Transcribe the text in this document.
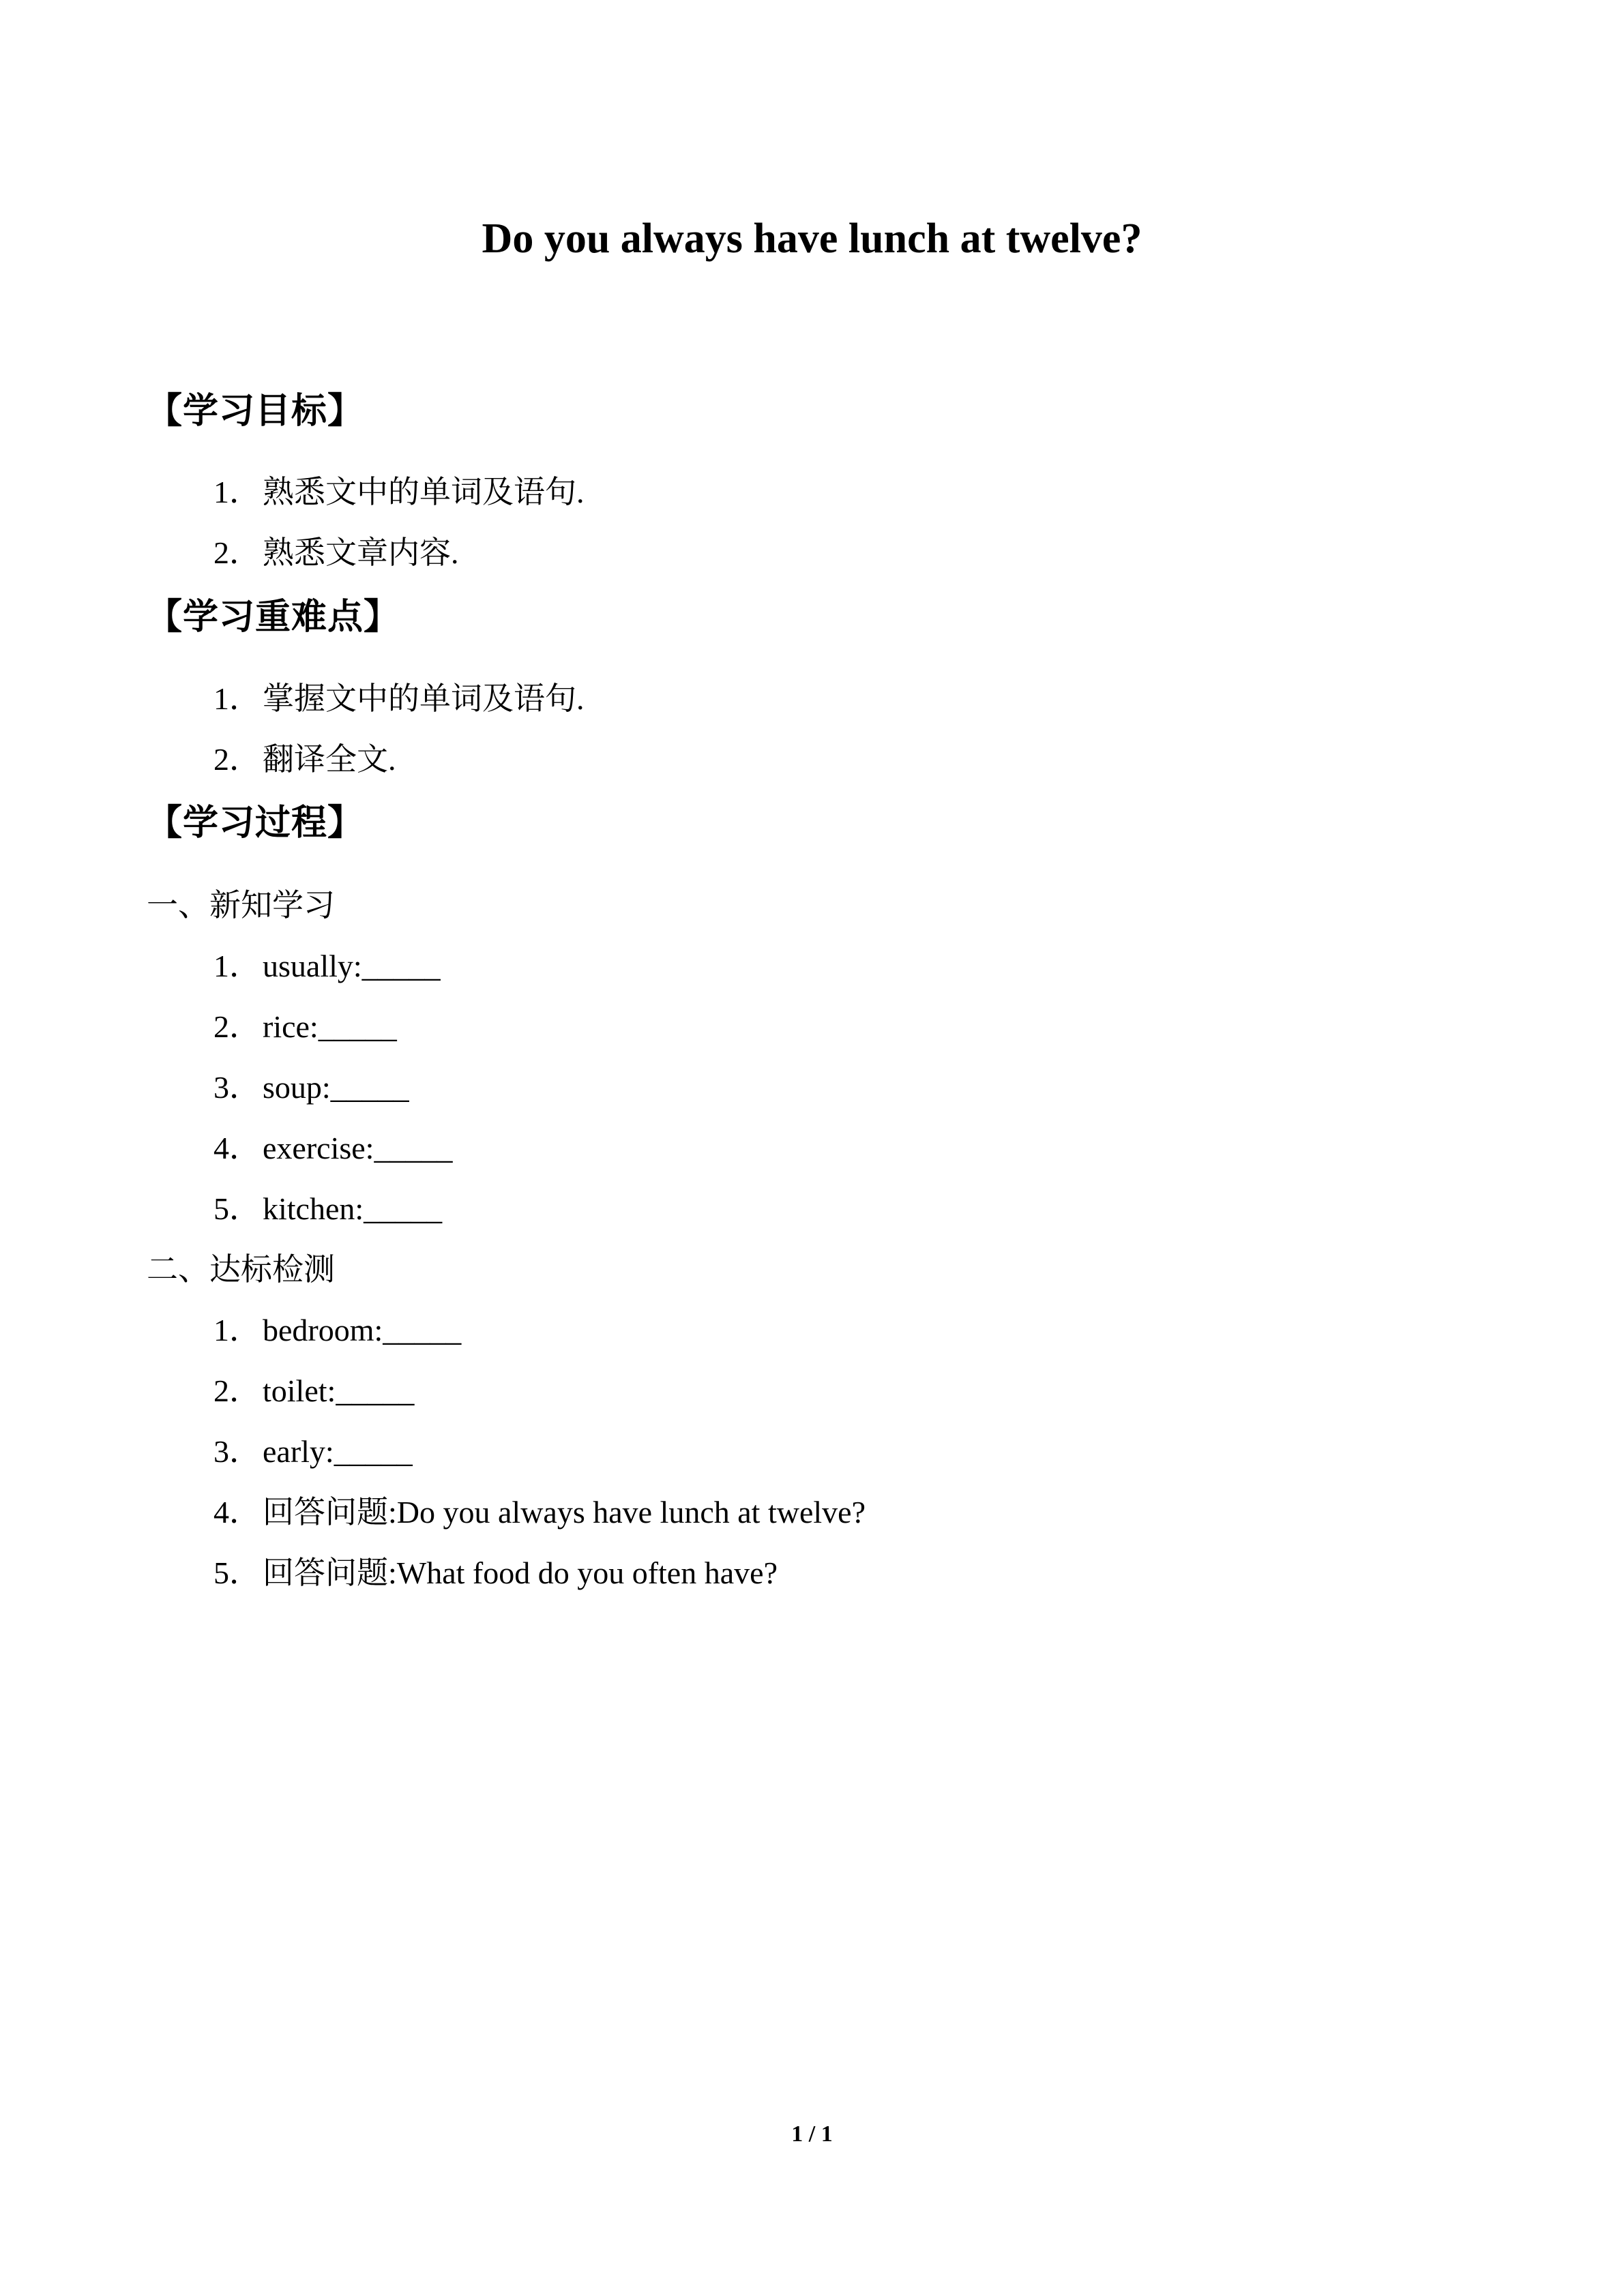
Do you always have lunch at twelve?
【学习目标】
1．熟悉文中的单词及语句.
2．熟悉文章内容.
【学习重难点】
1．掌握文中的单词及语句.
2．翻译全文.
【学习过程】
一、新知学习
1．usually:_____
2．rice:_____
3．soup:_____
4．exercise:_____
5．kitchen:_____
二、达标检测
1．bedroom:_____
2．toilet:_____
3．early:_____
4．回答问题:Do you always have lunch at twelve?
5．回答问题:What food do you often have?
1 / 1
